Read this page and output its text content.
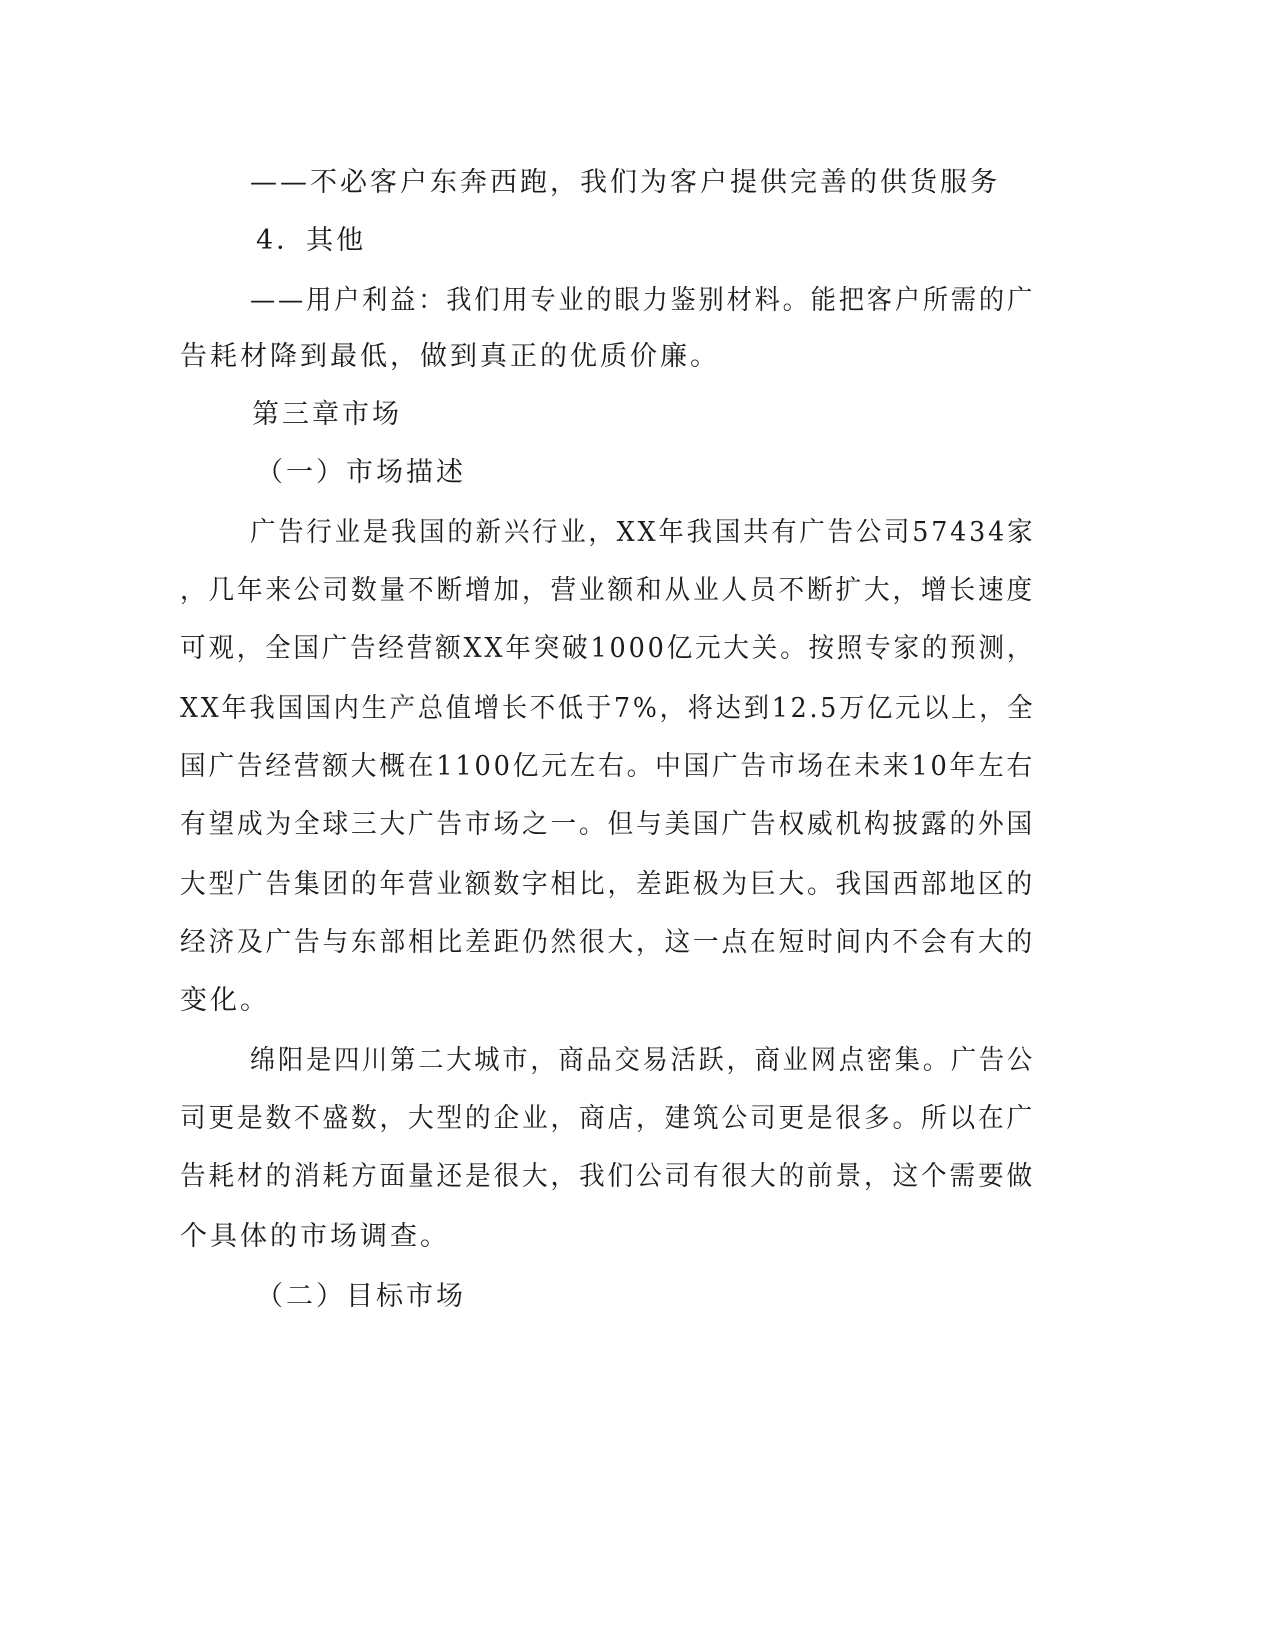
——不必客户东奔西跑，我们为客户提供完善的供货服务
4．其他
——用户利益：我们用专业的眼力鉴别材料。能把客户所需的广
告耗材降到最低，做到真正的优质价廉。
第三章市场
（一）市场描述
广告行业是我国的新兴行业，XX年我国共有广告公司57434家
，几年来公司数量不断增加，营业额和从业人员不断扩大，增长速度
可观，全国广告经营额XX年突破1000亿元大关。按照专家的预测，
XX年我国国内生产总值增长不低于7%，将达到12.5万亿元以上，全
国广告经营额大概在1100亿元左右。中国广告市场在未来10年左右
有望成为全球三大广告市场之一。但与美国广告权威机构披露的外国
大型广告集团的年营业额数字相比，差距极为巨大。我国西部地区的
经济及广告与东部相比差距仍然很大，这一点在短时间内不会有大的
变化。
绵阳是四川第二大城市，商品交易活跃，商业网点密集。广告公
司更是数不盛数，大型的企业，商店，建筑公司更是很多。所以在广
告耗材的消耗方面量还是很大，我们公司有很大的前景，这个需要做
个具体的市场调查。
（二）目标市场
